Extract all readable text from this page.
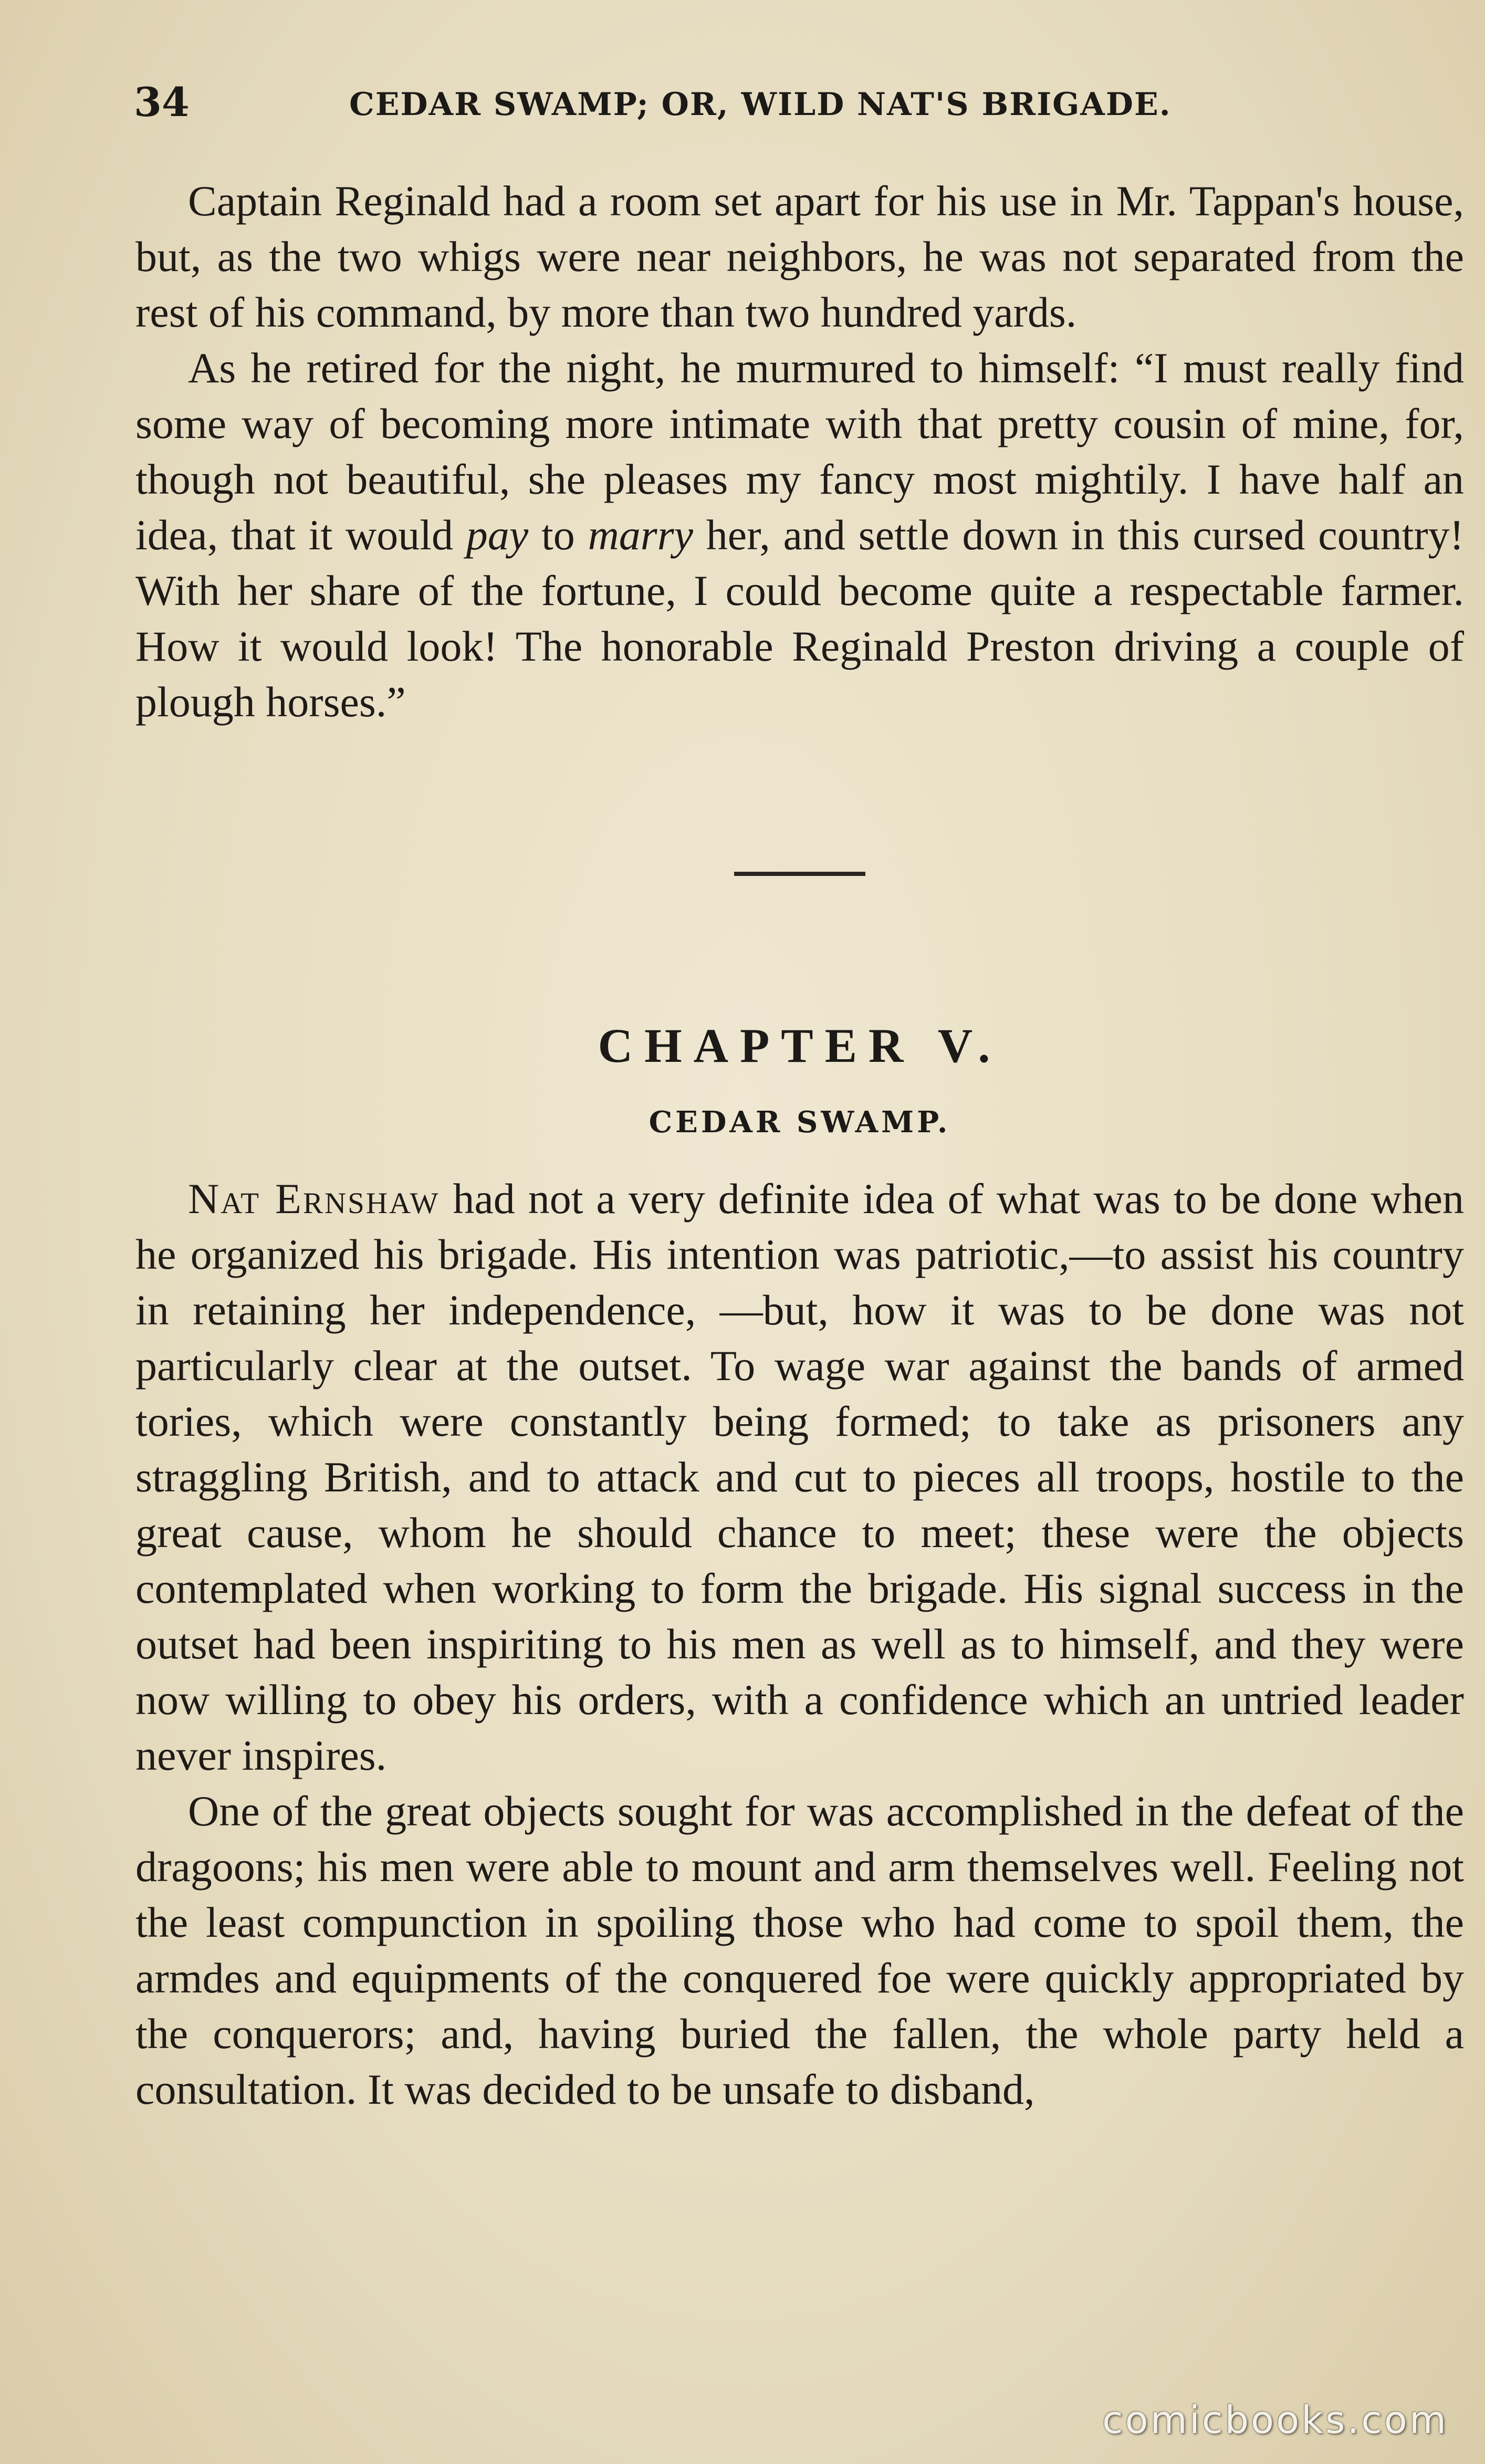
34	CEDAR SWAMP; OR, WILD NAT'S BRIGADE.

Captain Reginald had a room set apart for his use in Mr. Tappan's house, but, as the two whigs were near neighbors, he was not separated from the rest of his command, by more than two hundred yards.

As he retired for the night, he murmured to himself: “I must really find some way of becoming more intimate with that pretty cousin of mine, for, though not beautiful, she pleases my fancy most mightily. I have half an idea, that it would pay to marry her, and settle down in this cursed country! With her share of the fortune, I could become quite a respectable farmer. How it would look! The honorable Reginald Preston driving a couple of plough horses.”

CHAPTER V.
CEDAR SWAMP.

Nat Ernshaw had not a very definite idea of what was to be done when he organized his brigade. His intention was patriotic,—to assist his country in retaining her independence, —but, how it was to be done was not particularly clear at the outset. To wage war against the bands of armed tories, which were constantly being formed; to take as prisoners any straggling British, and to attack and cut to pieces all troops, hostile to the great cause, whom he should chance to meet; these were the objects contemplated when working to form the brigade. His signal success in the outset had been inspiriting to his men as well as to himself, and they were now willing to obey his orders, with a confidence which an untried leader never inspires.

One of the great objects sought for was accomplished in the defeat of the dragoons; his men were able to mount and arm themselves well. Feeling not the least compunction in spoiling those who had come to spoil them, the armdes and equipments of the conquered foe were quickly appropriated by the conquerors; and, having buried the fallen, the whole party held a consultation. It was decided to be unsafe to disband,

comicbooks.com
